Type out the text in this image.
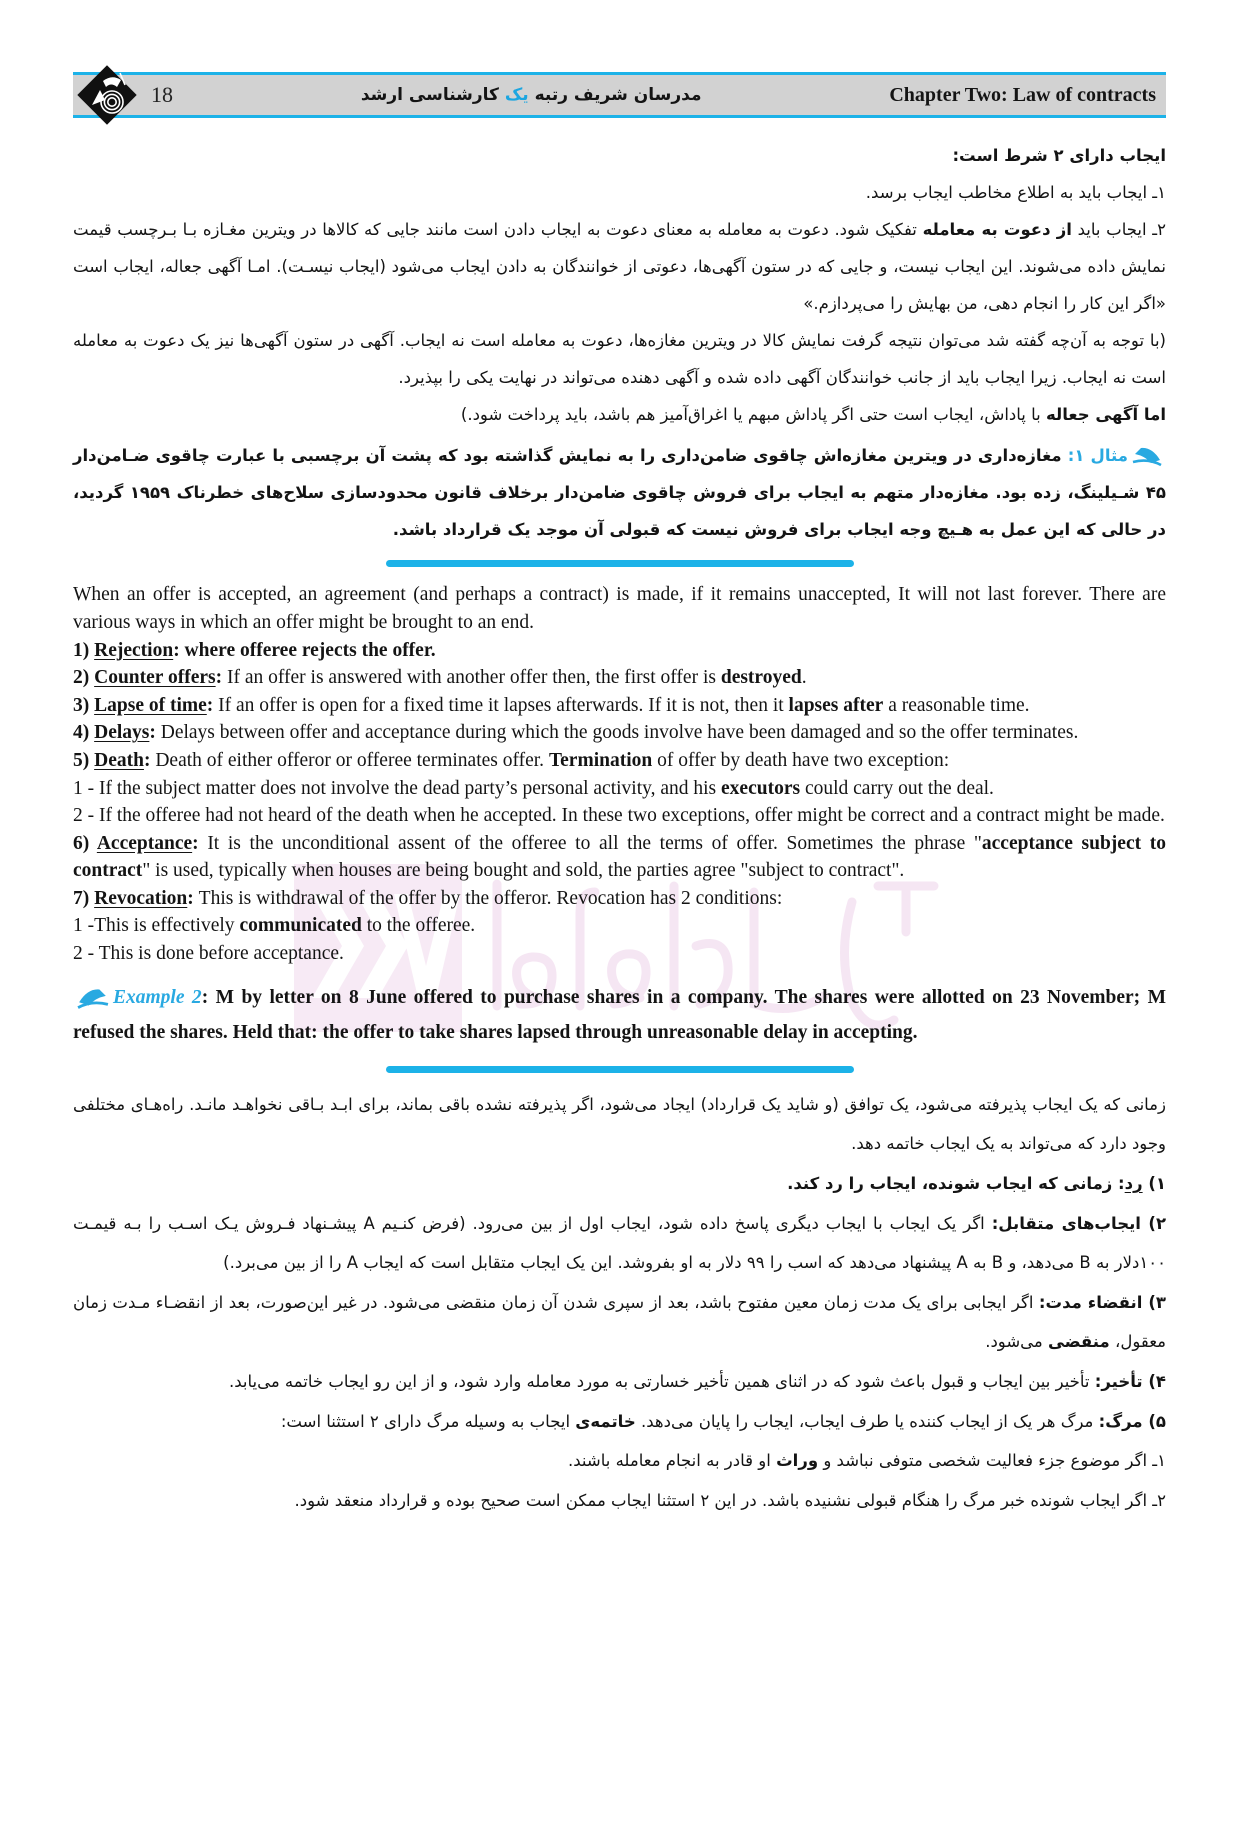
18	مدرسان شریف رتبه یک کارشناسی ارشد	Chapter Two: Law of contracts

ایجاب دارای ۲ شرط است:

۱ـ ایجاب باید به اطلاع مخاطب ایجاب برسد.

۲ـ ایجاب باید از دعوت به معامله تفکیک شود. دعوت به معامله به معنای دعوت به ایجاب دادن است مانند جایی که کالاها در ویترین مغـازه بـا بـرچسب قیمت نمایش داده می‌شوند. این ایجاب نیست، و جایی که در ستون آگهی‌ها، دعوتی از خوانندگان به دادن ایجاب می‌شود (ایجاب نیسـت). امـا آگهی جعاله، ایجاب است «اگر این کار را انجام دهی، من بهایش را می‌پردازم.»

(با توجه به آن‌چه گفته شد می‌توان نتیجه گرفت نمایش کالا در ویترین مغازه‌ها، دعوت به معامله است نه ایجاب. آگهی در ستون آگهی‌ها نیز یک دعوت به معامله است نه ایجاب. زیرا ایجاب باید از جانب خوانندگان آگهی داده شده و آگهی دهنده می‌تواند در نهایت یکی را بپذیرد.

اما آگهی جعاله با پاداش، ایجاب است حتی اگر پاداش مبهم یا اغراق‌آمیز هم باشد، باید پرداخت شود.)

مثال ۱: مغازه‌داری در ویترین مغازه‌اش چاقوی ضامن‌داری را به نمایش گذاشته بود که پشت آن برچسبی با عبارت چاقوی ضـامن‌دار ۴۵ شـیلینگ، زده بود. مغازه‌دار متهم به ایجاب برای فروش چاقوی ضامن‌دار برخلاف قانون محدودسازی سلاح‌های خطرناک ۱۹۵۹ گردید، در حالی که این عمل به هـیچ وجه ایجاب برای فروش نیست که قبولی آن موجد یک قرارداد باشد.

When an offer is accepted, an agreement (and perhaps a contract) is made, if it remains unaccepted, It will not last forever. There are various ways in which an offer might be brought to an end.

1) Rejection: where offeree rejects the offer.

2) Counter offers: If an offer is answered with another offer then, the first offer is destroyed.

3) Lapse of time: If an offer is open for a fixed time it lapses afterwards. If it is not, then it lapses after a reasonable time.

4) Delays: Delays between offer and acceptance during which the goods involve have been damaged and so the offer terminates.

5) Death: Death of either offeror or offeree terminates offer. Termination of offer by death have two exception:

1 - If the subject matter does not involve the dead party’s personal activity, and his executors could carry out the deal.

2 - If the offeree had not heard of the death when he accepted. In these two exceptions, offer might be correct and a contract might be made.

6) Acceptance: It is the unconditional assent of the offeree to all the terms of offer. Sometimes the phrase "acceptance subject to contract" is used, typically when houses are being bought and sold, the parties agree "subject to contract".

7) Revocation: This is withdrawal of the offer by the offeror. Revocation has 2 conditions:

1 -This is effectively communicated to the offeree.

2 - This is done before acceptance.

Example 2: M by letter on 8 June offered to purchase shares in a company. The shares were allotted on 23 November; M refused the shares. Held that: the offer to take shares lapsed through unreasonable delay in accepting.

زمانی که یک ایجاب پذیرفته می‌شود، یک توافق (و شاید یک قرارداد) ایجاد می‌شود، اگر پذیرفته نشده باقی بماند، برای ابـد بـاقی نخواهـد مانـد. راه‌هـای مختلفی وجود دارد که می‌تواند به یک ایجاب خاتمه دهد.

۱) رد: زمانی که ایجاب شونده، ایجاب را رد کند.

۲) ایجاب‌های متقابل: اگر یک ایجاب با ایجاب دیگری پاسخ داده شود، ایجاب اول از بین می‌رود. (فرض کنـیم A پیشـنهاد فـروش یـک اسـب را بـه قیمـت ۱۰۰دلار به B می‌دهد، و B به A پیشنهاد می‌دهد که اسب را ۹۹ دلار به او بفروشد. این یک ایجاب متقابل است که ایجاب A را از بین می‌برد.)

۳) انقضاء مدت: اگر ایجابی برای یک مدت زمان معین مفتوح باشد، بعد از سپری شدن آن زمان منقضی می‌شود. در غیر این‌صورت، بعد از انقضـاء مـدت زمان معقول، منقضی می‌شود.

۴) تأخیر: تأخیر بین ایجاب و قبول باعث شود که در اثنای همین تأخیر خسارتی به مورد معامله وارد شود، و از این رو ایجاب خاتمه می‌یابد.

۵) مرگ: مرگ هر یک از ایجاب کننده یا طرف ایجاب، ایجاب را پایان می‌دهد. خاتمه‌ی ایجاب به وسیله مرگ دارای ۲ استثنا است:

۱ـ اگر موضوع جزء فعالیت شخصی متوفی نباشد و وراث او قادر به انجام معامله باشند.

۲ـ اگر ایجاب شونده خبر مرگ را هنگام قبولی نشنیده باشد. در این ۲ استثنا ایجاب ممکن است صحیح بوده و قرارداد منعقد شود.
